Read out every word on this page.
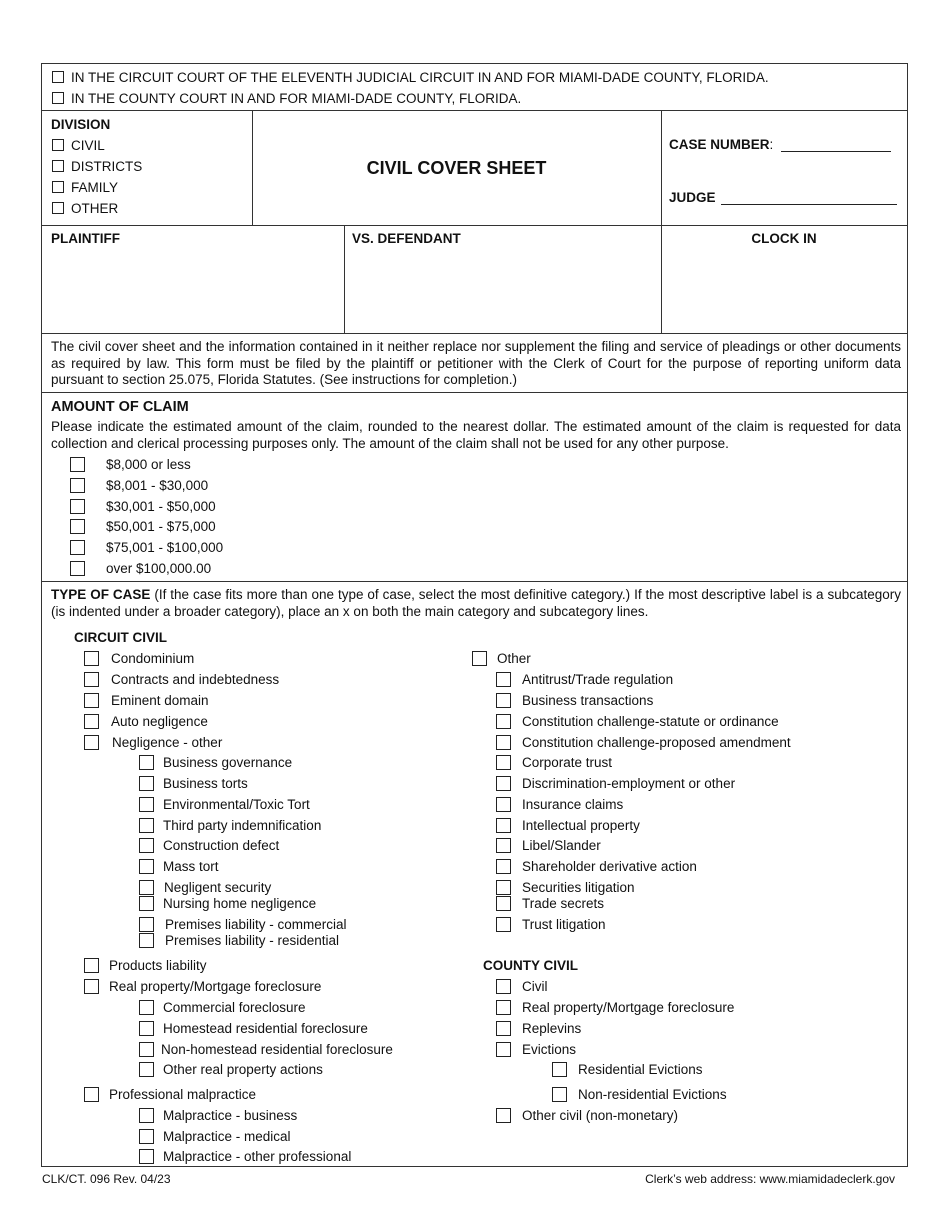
IN THE CIRCUIT COURT OF THE ELEVENTH JUDICIAL CIRCUIT IN AND FOR MIAMI-DADE COUNTY, FLORIDA.
IN THE COUNTY COURT IN AND FOR MIAMI-DADE COUNTY, FLORIDA.
DIVISION
CIVIL
DISTRICTS
FAMILY
OTHER
CIVIL COVER SHEET
CASE NUMBER:
JUDGE
PLAINTIFF	VS. DEFENDANT	CLOCK IN
The civil cover sheet and the information contained in it neither replace nor supplement the filing and service of pleadings or other documents as required by law. This form must be filed by the plaintiff or petitioner with the Clerk of Court for the purpose of reporting uniform data pursuant to section 25.075, Florida Statutes. (See instructions for completion.)
AMOUNT OF CLAIM
Please indicate the estimated amount of the claim, rounded to the nearest dollar. The estimated amount of the claim is requested for data collection and clerical processing purposes only. The amount of the claim shall not be used for any other purpose.
$8,000 or less
$8,001 - $30,000
$30,001 - $50,000
$50,001 - $75,000
$75,001 - $100,000
over $100,000.00
TYPE OF CASE (If the case fits more than one type of case, select the most definitive category.) If the most descriptive label is a subcategory (is indented under a broader category), place an x on both the main category and subcategory lines.
CIRCUIT CIVIL
Condominium
Contracts and indebtedness
Eminent domain
Auto negligence
Negligence - other
Business governance
Business torts
Environmental/Toxic Tort
Third party indemnification
Construction defect
Mass tort
Negligent security
Nursing home negligence
Premises liability - commercial
Premises liability - residential
Products liability
Real property/Mortgage foreclosure
Commercial foreclosure
Homestead residential foreclosure
Non-homestead residential foreclosure
Other real property actions
Professional malpractice
Malpractice - business
Malpractice - medical
Malpractice - other professional
Other
Antitrust/Trade regulation
Business transactions
Constitution challenge-statute or ordinance
Constitution challenge-proposed amendment
Corporate trust
Discrimination-employment or other
Insurance claims
Intellectual property
Libel/Slander
Shareholder derivative action
Securities litigation
Trade secrets
Trust litigation
COUNTY CIVIL
Civil
Real property/Mortgage foreclosure
Replevins
Evictions
Residential Evictions
Non-residential Evictions
Other civil (non-monetary)
CLK/CT. 096 Rev. 04/23	Clerk’s web address: www.miamidadeclerk.gov
